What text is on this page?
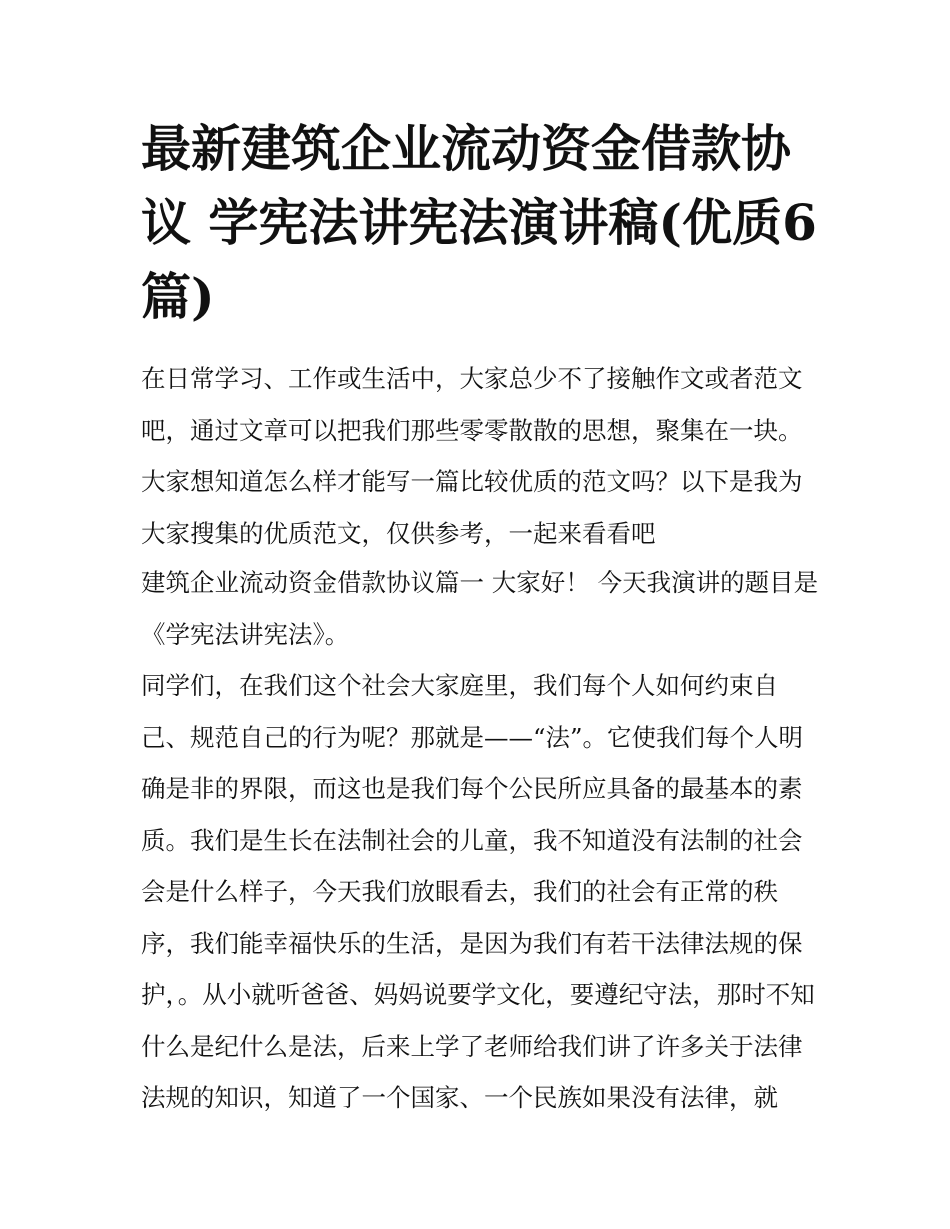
最新建筑企业流动资金借款协议 学宪法讲宪法演讲稿(优质6篇)

在日常学习、工作或生活中，大家总少不了接触作文或者范文吧，通过文章可以把我们那些零零散散的思想，聚集在一块。大家想知道怎么样才能写一篇比较优质的范文吗？以下是我为大家搜集的优质范文，仅供参考，一起来看看吧

建筑企业流动资金借款协议篇一 大家好！ 今天我演讲的题目是《学宪法讲宪法》。

同学们，在我们这个社会大家庭里，我们每个人如何约束自己、规范自己的行为呢？那就是——“法”。它使我们每个人明确是非的界限，而这也是我们每个公民所应具备的最基本的素质。我们是生长在法制社会的儿童，我不知道没有法制的社会会是什么样子，今天我们放眼看去，我们的社会有正常的秩序，我们能幸福快乐的生活，是因为我们有若干法律法规的保护，。从小就听爸爸、妈妈说要学文化，要遵纪守法，那时不知什么是纪什么是法，后来上学了老师给我们讲了许多关于法律法规的知识，知道了一个国家、一个民族如果没有法律，就
